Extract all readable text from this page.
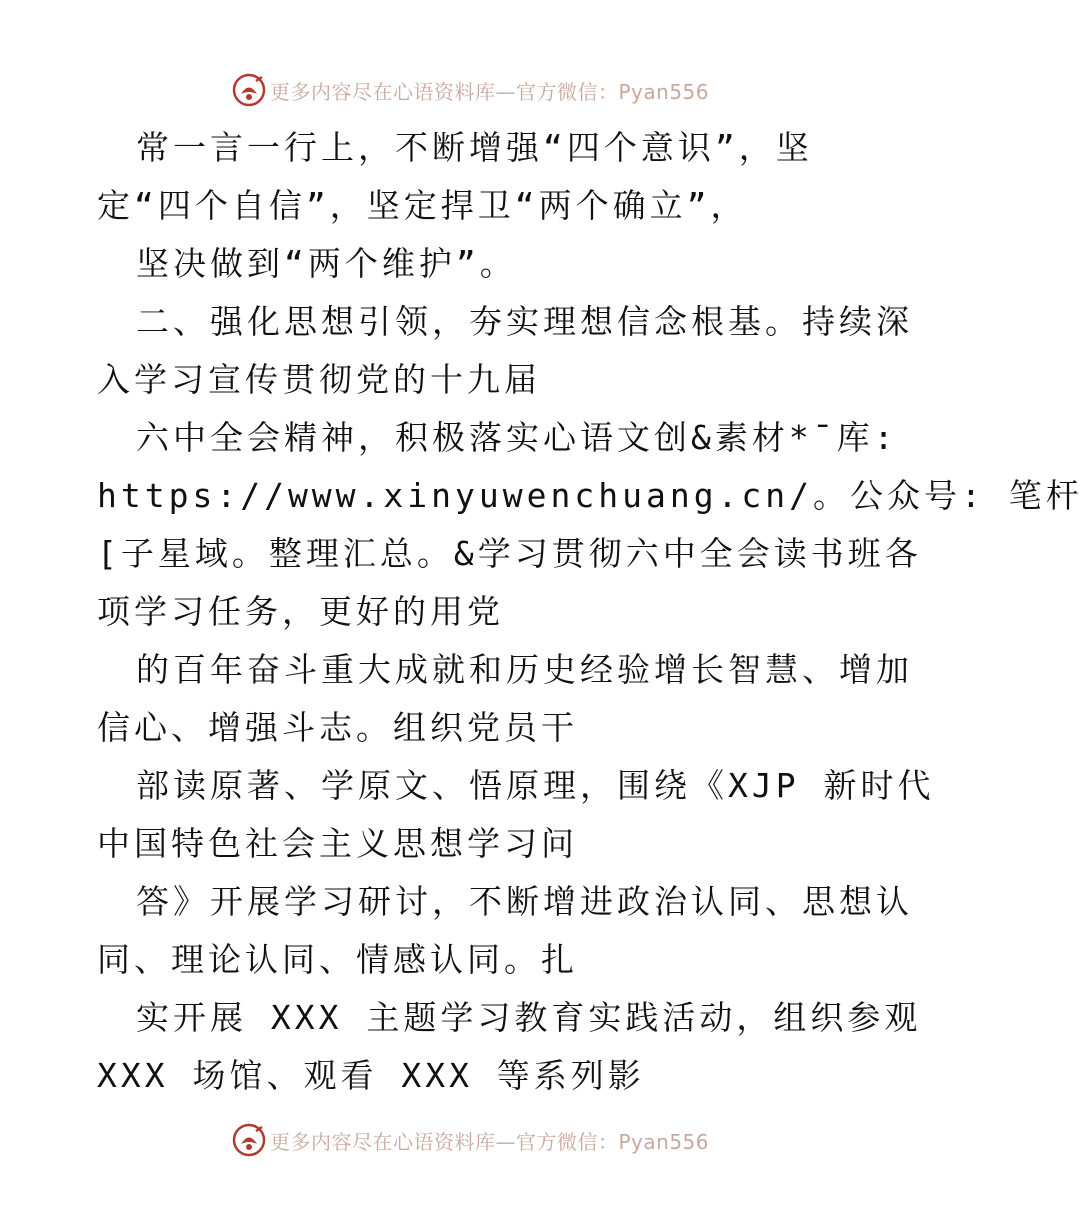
更多内容尽在心语资料库—官方微信：Pyan556
常一言一行上，不断增强“四个意识”，坚
定“四个自信”，坚定捍卫“两个确立”，
坚决做到“两个维护”。
二、强化思想引领，夯实理想信念根基。持续深
入学习宣传贯彻党的十九届
六中全会精神，积极落实心语文创&素材*¯库:
https://www.xinyuwenchuang.cn/。公众号: 笔杆
[子星域。整理汇总。&学习贯彻六中全会读书班各
项学习任务，更好的用党
的百年奋斗重大成就和历史经验增长智慧、增加
信心、增强斗志。组织党员干
部读原著、学原文、悟原理，围绕《XJP 新时代
中国特色社会主义思想学习问
答》开展学习研讨，不断增进政治认同、思想认
同、理论认同、情感认同。扎
实开展 XXX 主题学习教育实践活动，组织参观
XXX 场馆、观看 XXX 等系列影
更多内容尽在心语资料库—官方微信：Pyan556
